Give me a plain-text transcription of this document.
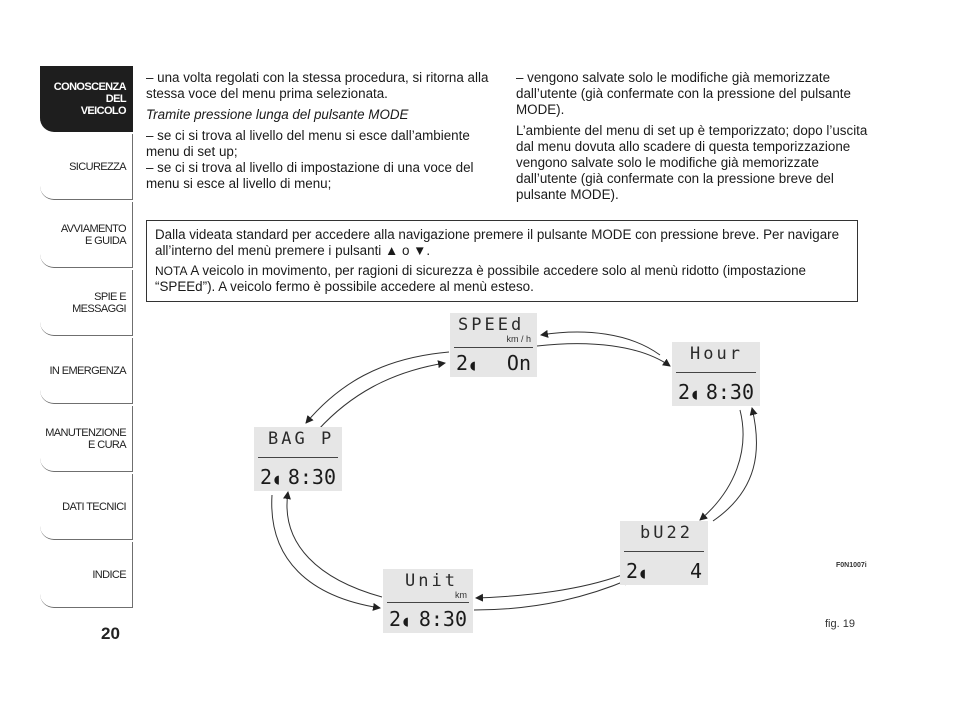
CONOSCENZA
DEL
VEICOLO
SICUREZZA
AVVIAMENTO
E GUIDA
SPIE E
MESSAGGI
IN EMERGENZA
MANUTENZIONE
E CURA
DATI TECNICI
INDICE
20

– una volta regolati con la stessa procedura, si ritorna alla stessa voce del menu prima selezionata.

Tramite pressione lunga del pulsante MODE

– se ci si trova al livello del menu si esce dall’ambiente menu di set up;

– se ci si trova al livello di impostazione di una voce del menu si esce al livello di menu;

– vengono salvate solo le modifiche già memorizzate dall’utente (già confermate con la pressione del pulsante MODE).

L’ambiente del menu di set up è temporizzato; dopo l’uscita dal menu dovuta allo scadere di questa temporizzazione vengono salvate solo le modifiche già memorizzate dall’utente (già confermate con la pressione breve del pulsante MODE).

Dalla videata standard per accedere alla navigazione premere il pulsante MODE con pressione breve. Per navigare all’interno del menù premere i pulsanti ▲ o ▼.

NOTA A veicolo in movimento, per ragioni di sicurezza è possibile accedere solo al menù ridotto (impostazione “SPEEd”). A veicolo fermo è possibile accedere al menù esteso.

SPEEd
km / h
2◖ On	Hour
2◖ 8:30
BAG P
2◖ 8:30
bU22
2◖ 4
Unit
km
2◖ 8:30
F0N1007i
fig. 19
